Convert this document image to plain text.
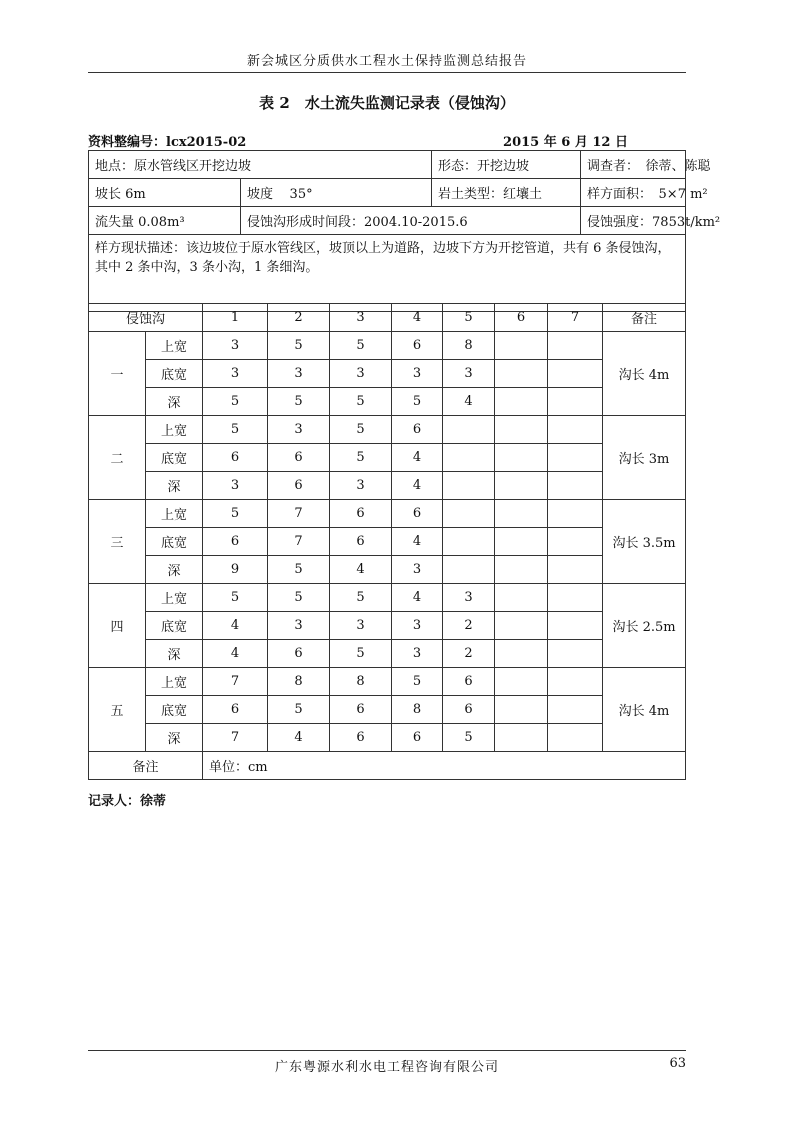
新会城区分质供水工程水土保持监测总结报告
表 2　水土流失监测记录表（侵蚀沟）
资料整编号：lcx2015-02	2015 年 6 月 12 日
地点：原水管线区开挖边坡		形态：开挖边坡	调查者：　徐蒂、陈聪
坡长 6m	坡度 35°	岩土类型：红壤土	样方面积：　5×7 m²
流失量 0.08m³	侵蚀沟形成时间段：2004.10-2015.6		侵蚀强度：7853t/km²
样方现状描述：该边坡位于原水管线区，坡顶以上为道路，边坡下方为开挖管道，共有 6 条侵蚀沟，其中 2 条中沟，3 条小沟，1 条细沟。			
侵蚀沟		1	2	3	4	5	6	7	备注
一	上宽	3	5	5	6	8			沟长 4m
	底宽	3	3	3	3	3			
	深	5	5	5	5	4			
二	上宽	5	3	5	6				沟长 3m
	底宽	6	6	5	4				
	深	3	6	3	4				
三	上宽	5	7	6	6				沟长 3.5m
	底宽	6	7	6	4				
	深	9	5	4	3				
四	上宽	5	5	5	4	3			沟长 2.5m
	底宽	4	3	3	3	2			
	深	4	6	5	3	2			
五	上宽	7	8	8	5	6			沟长 4m
	底宽	6	5	6	8	6			
	深	7	4	6	6	5			
备注		单位：cm							
记录人：徐蒂
广东粤源水利水电工程咨询有限公司	63
